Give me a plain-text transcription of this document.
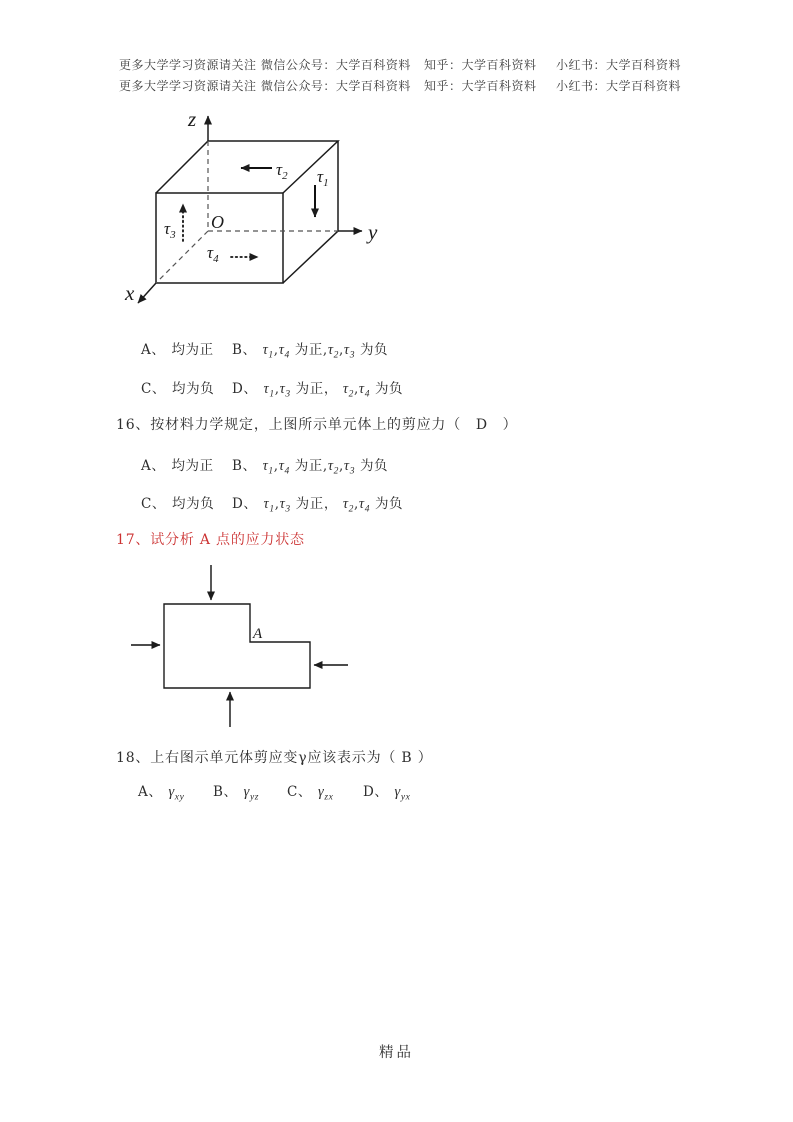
更多大学学习资源请关注 微信公众号：大学百科资料 知乎：大学百科资料 小红书：大学百科资料
更多大学学习资源请关注 微信公众号：大学百科资料 知乎：大学百科资料 小红书：大学百科资料
z
y
x
O
$\tau_2$ $\tau_1$
$\tau_3$
$\tau_4$
A、 均为正 B、 $\tau_1,\tau_4$ 为正$,\tau_2,\tau_3$ 为负
C、 均为负 D、 $\tau_1,\tau_3$ 为正， $\tau_2,\tau_4$ 为负
16、按材料力学规定，上图所示单元体上的剪应力（　D　）
A、 均为正 B、 $\tau_1,\tau_4$ 为正$,\tau_2,\tau_3$ 为负
C、 均为负 D、 $\tau_1,\tau_3$ 为正， $\tau_2,\tau_4$ 为负
17、试分析 A 点的应力状态
A
18、上右图示单元体剪应变γ应该表示为（ B ）
A、 $\gamma_{xy}$ B、 $\gamma_{yz}$ C、 $\gamma_{zx}$ D、 $\gamma_{yx}$
精品
